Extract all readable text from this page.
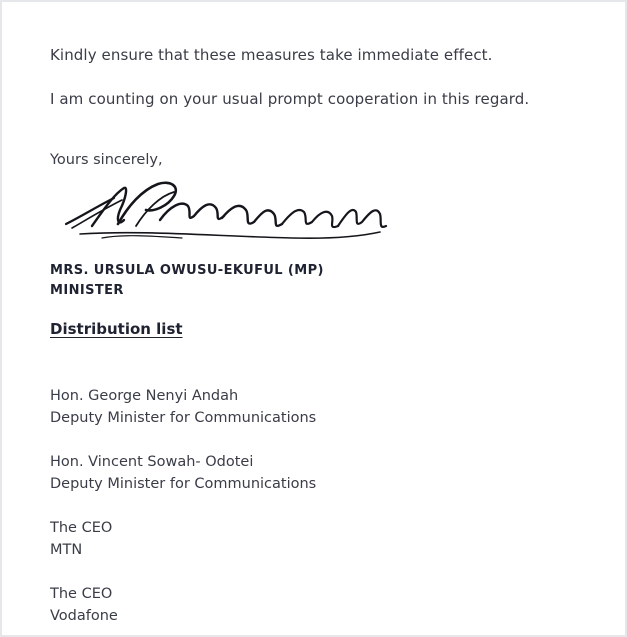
Kindly ensure that these measures take immediate effect.
I am counting on your usual prompt cooperation in this regard.
Yours sincerely,
MRS. URSULA OWUSU-EKUFUL (MP)
MINISTER
Distribution list
Hon. George Nenyi Andah
Deputy Minister for Communications
Hon. Vincent Sowah- Odotei
Deputy Minister for Communications
The CEO
MTN
The CEO
Vodafone
